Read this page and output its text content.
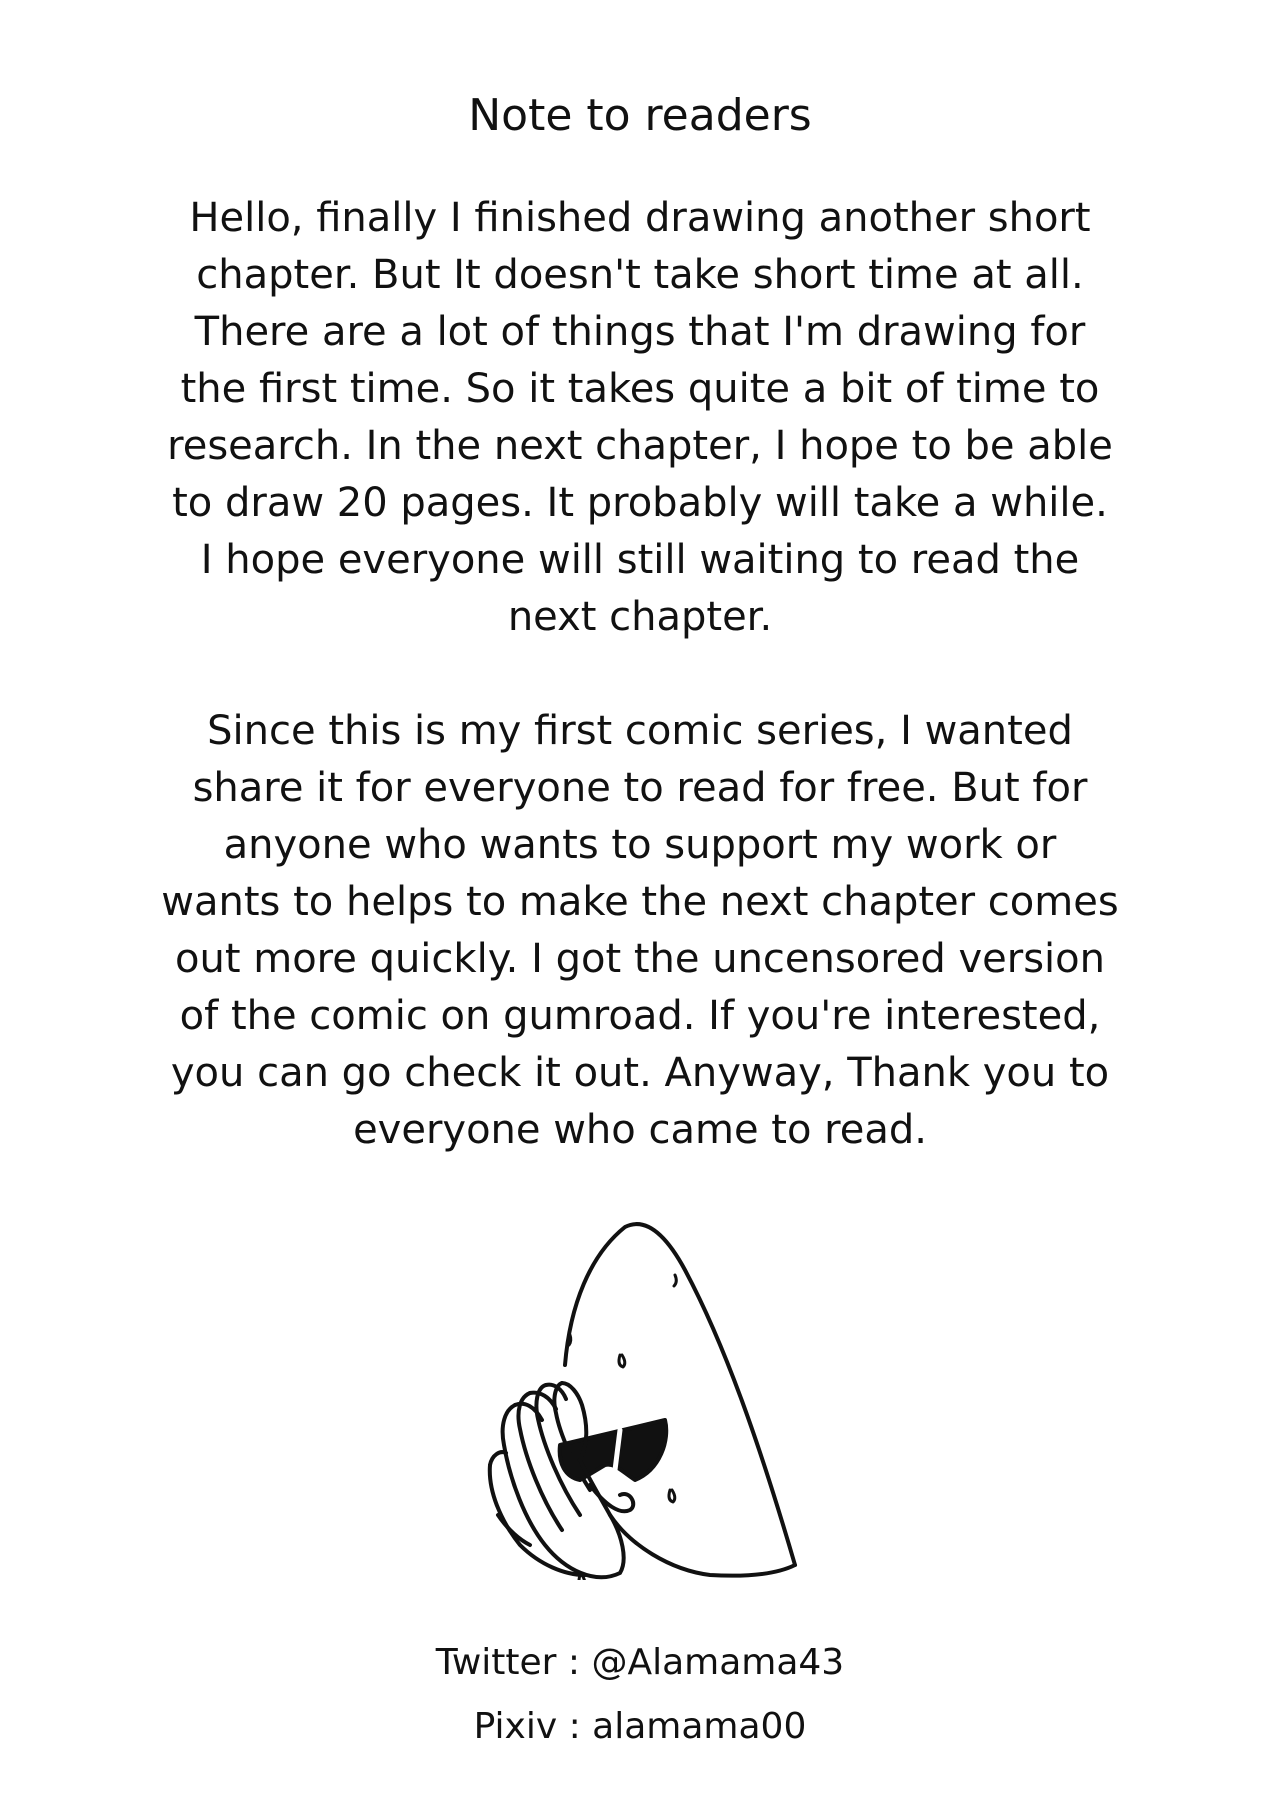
Note to readers

Hello, finally I finished drawing another short
chapter. But It doesn't take short time at all.
There are a lot of things that I'm drawing for
the first time. So it takes quite a bit of time to
research. In the next chapter, I hope to be able
to draw 20 pages. It probably will take a while.
I hope everyone will still waiting to read the
next chapter.

Since this is my first comic series, I wanted
share it for everyone to read for free. But for
anyone who wants to support my work or
wants to helps to make the next chapter comes
out more quickly. I got the uncensored version
of the comic on gumroad. If you're interested,
you can go check it out. Anyway, Thank you to
everyone who came to read.

Twitter : @Alamama43

Pixiv : alamama00
